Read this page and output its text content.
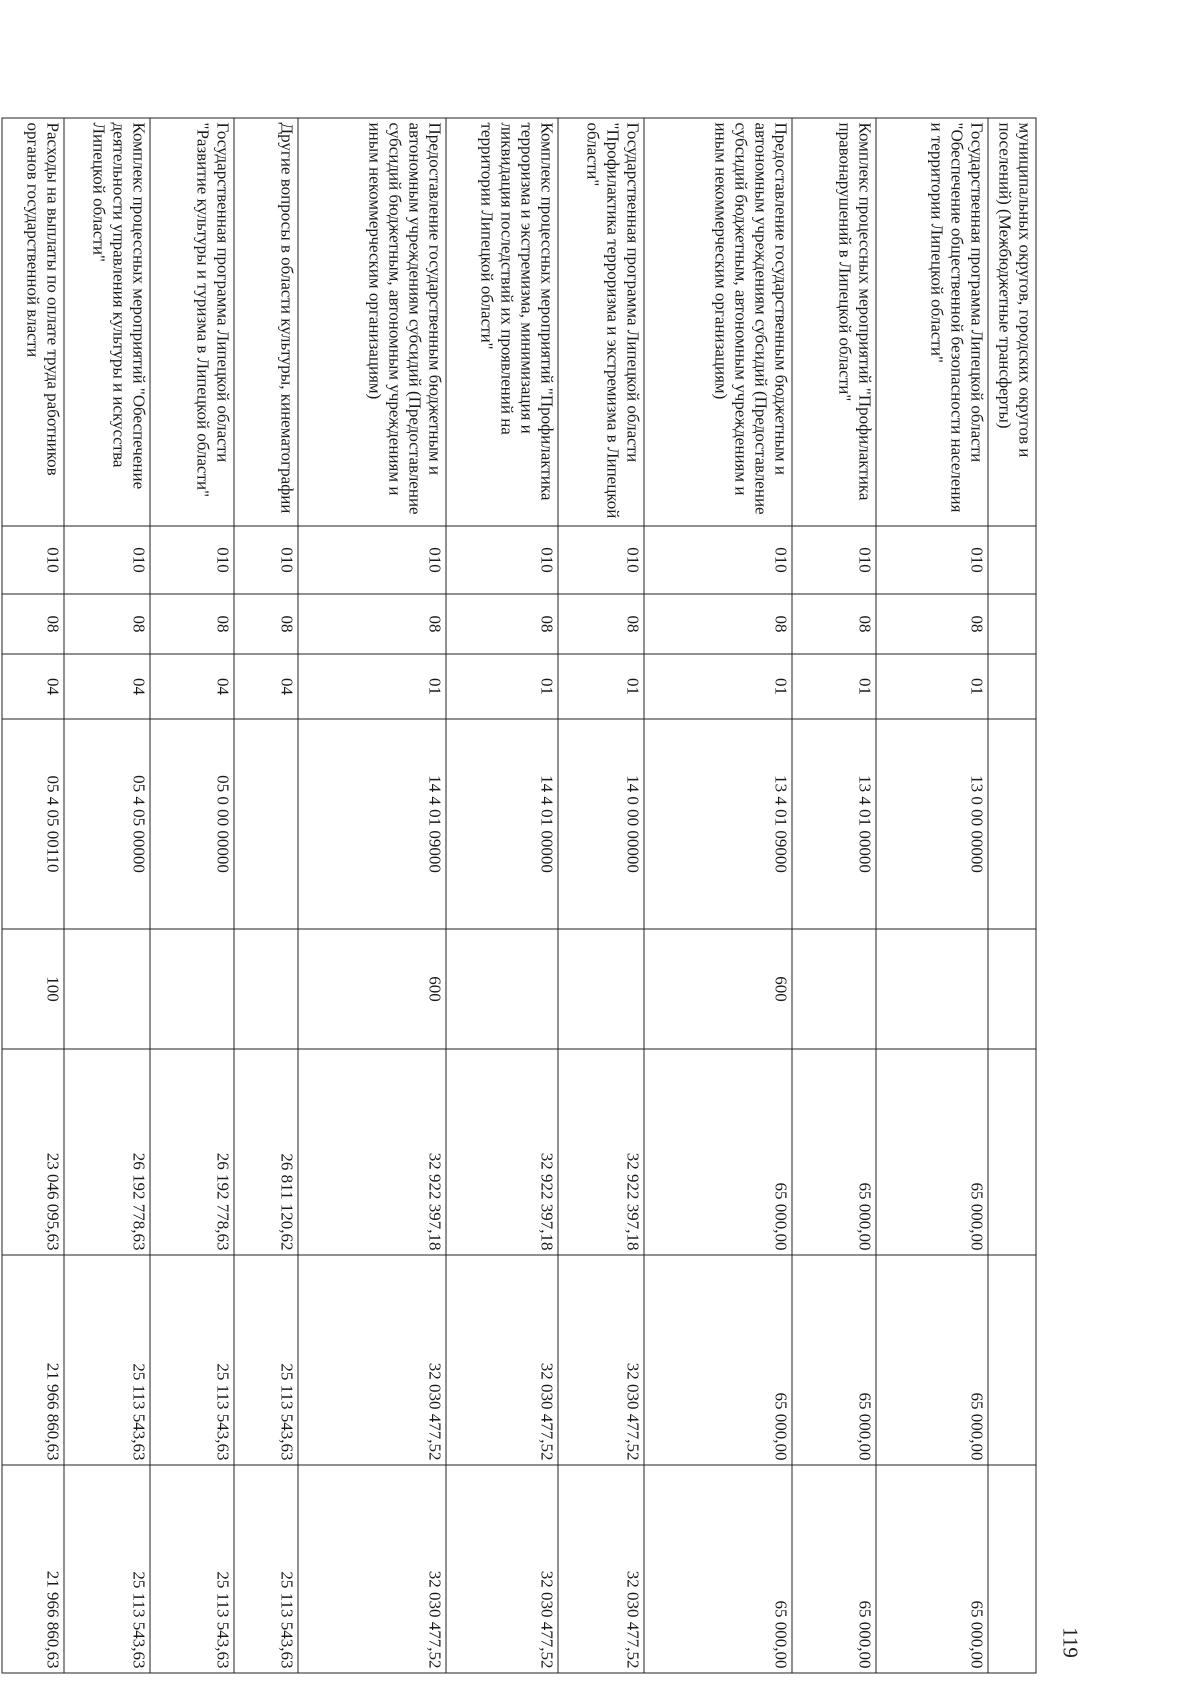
119
муниципальных округов, городских округов и поселений) (Межбюджетные трансферты)								
Государственная программа Липецкой области "Обеспечение общественной безопасности населения и территории Липецкой области"	010	08	01	13 0 00 00000		65 000,00	65 000,00	65 000,00
Комплекс процессных мероприятий "Профилактика правонарушений в Липецкой области"	010	08	01	13 4 01 00000		65 000,00	65 000,00	65 000,00
Предоставление государственным бюджетным и автономным учреждениям субсидий (Предоставление субсидий бюджетным, автономным учреждениям и иным некоммерческим организациям)	010	08	01	13 4 01 09000	600	65 000,00	65 000,00	65 000,00
Государственная программа Липецкой области "Профилактика терроризма и экстремизма в Липецкой области"	010	08	01	14 0 00 00000		32 922 397,18	32 030 477,52	32 030 477,52
Комплекс процессных мероприятий "Профилактика терроризма и экстремизма, минимизация и ликвидация последствий их проявлений на территории Липецкой области"	010	08	01	14 4 01 00000		32 922 397,18	32 030 477,52	32 030 477,52
Предоставление государственным бюджетным и автономным учреждениям субсидий (Предоставление субсидий бюджетным, автономным учреждениям и иным некоммерческим организациям)	010	08	01	14 4 01 09000	600	32 922 397,18	32 030 477,52	32 030 477,52
Другие вопросы в области культуры, кинематографии	010	08	04			26 811 120,62	25 113 543,63	25 113 543,63
Государственная программа Липецкой области "Развитие культуры и туризма в Липецкой области"	010	08	04	05 0 00 00000		26 192 778,63	25 113 543,63	25 113 543,63
Комплекс процессных мероприятий "Обеспечение деятельности управления культуры и искусства Липецкой области"	010	08	04	05 4 05 00000		26 192 778,63	25 113 543,63	25 113 543,63
Расходы на выплаты по оплате труда работников органов государственной власти	010	08	04	05 4 05 00110	100	23 046 095,63	21 966 860,63	21 966 860,63
